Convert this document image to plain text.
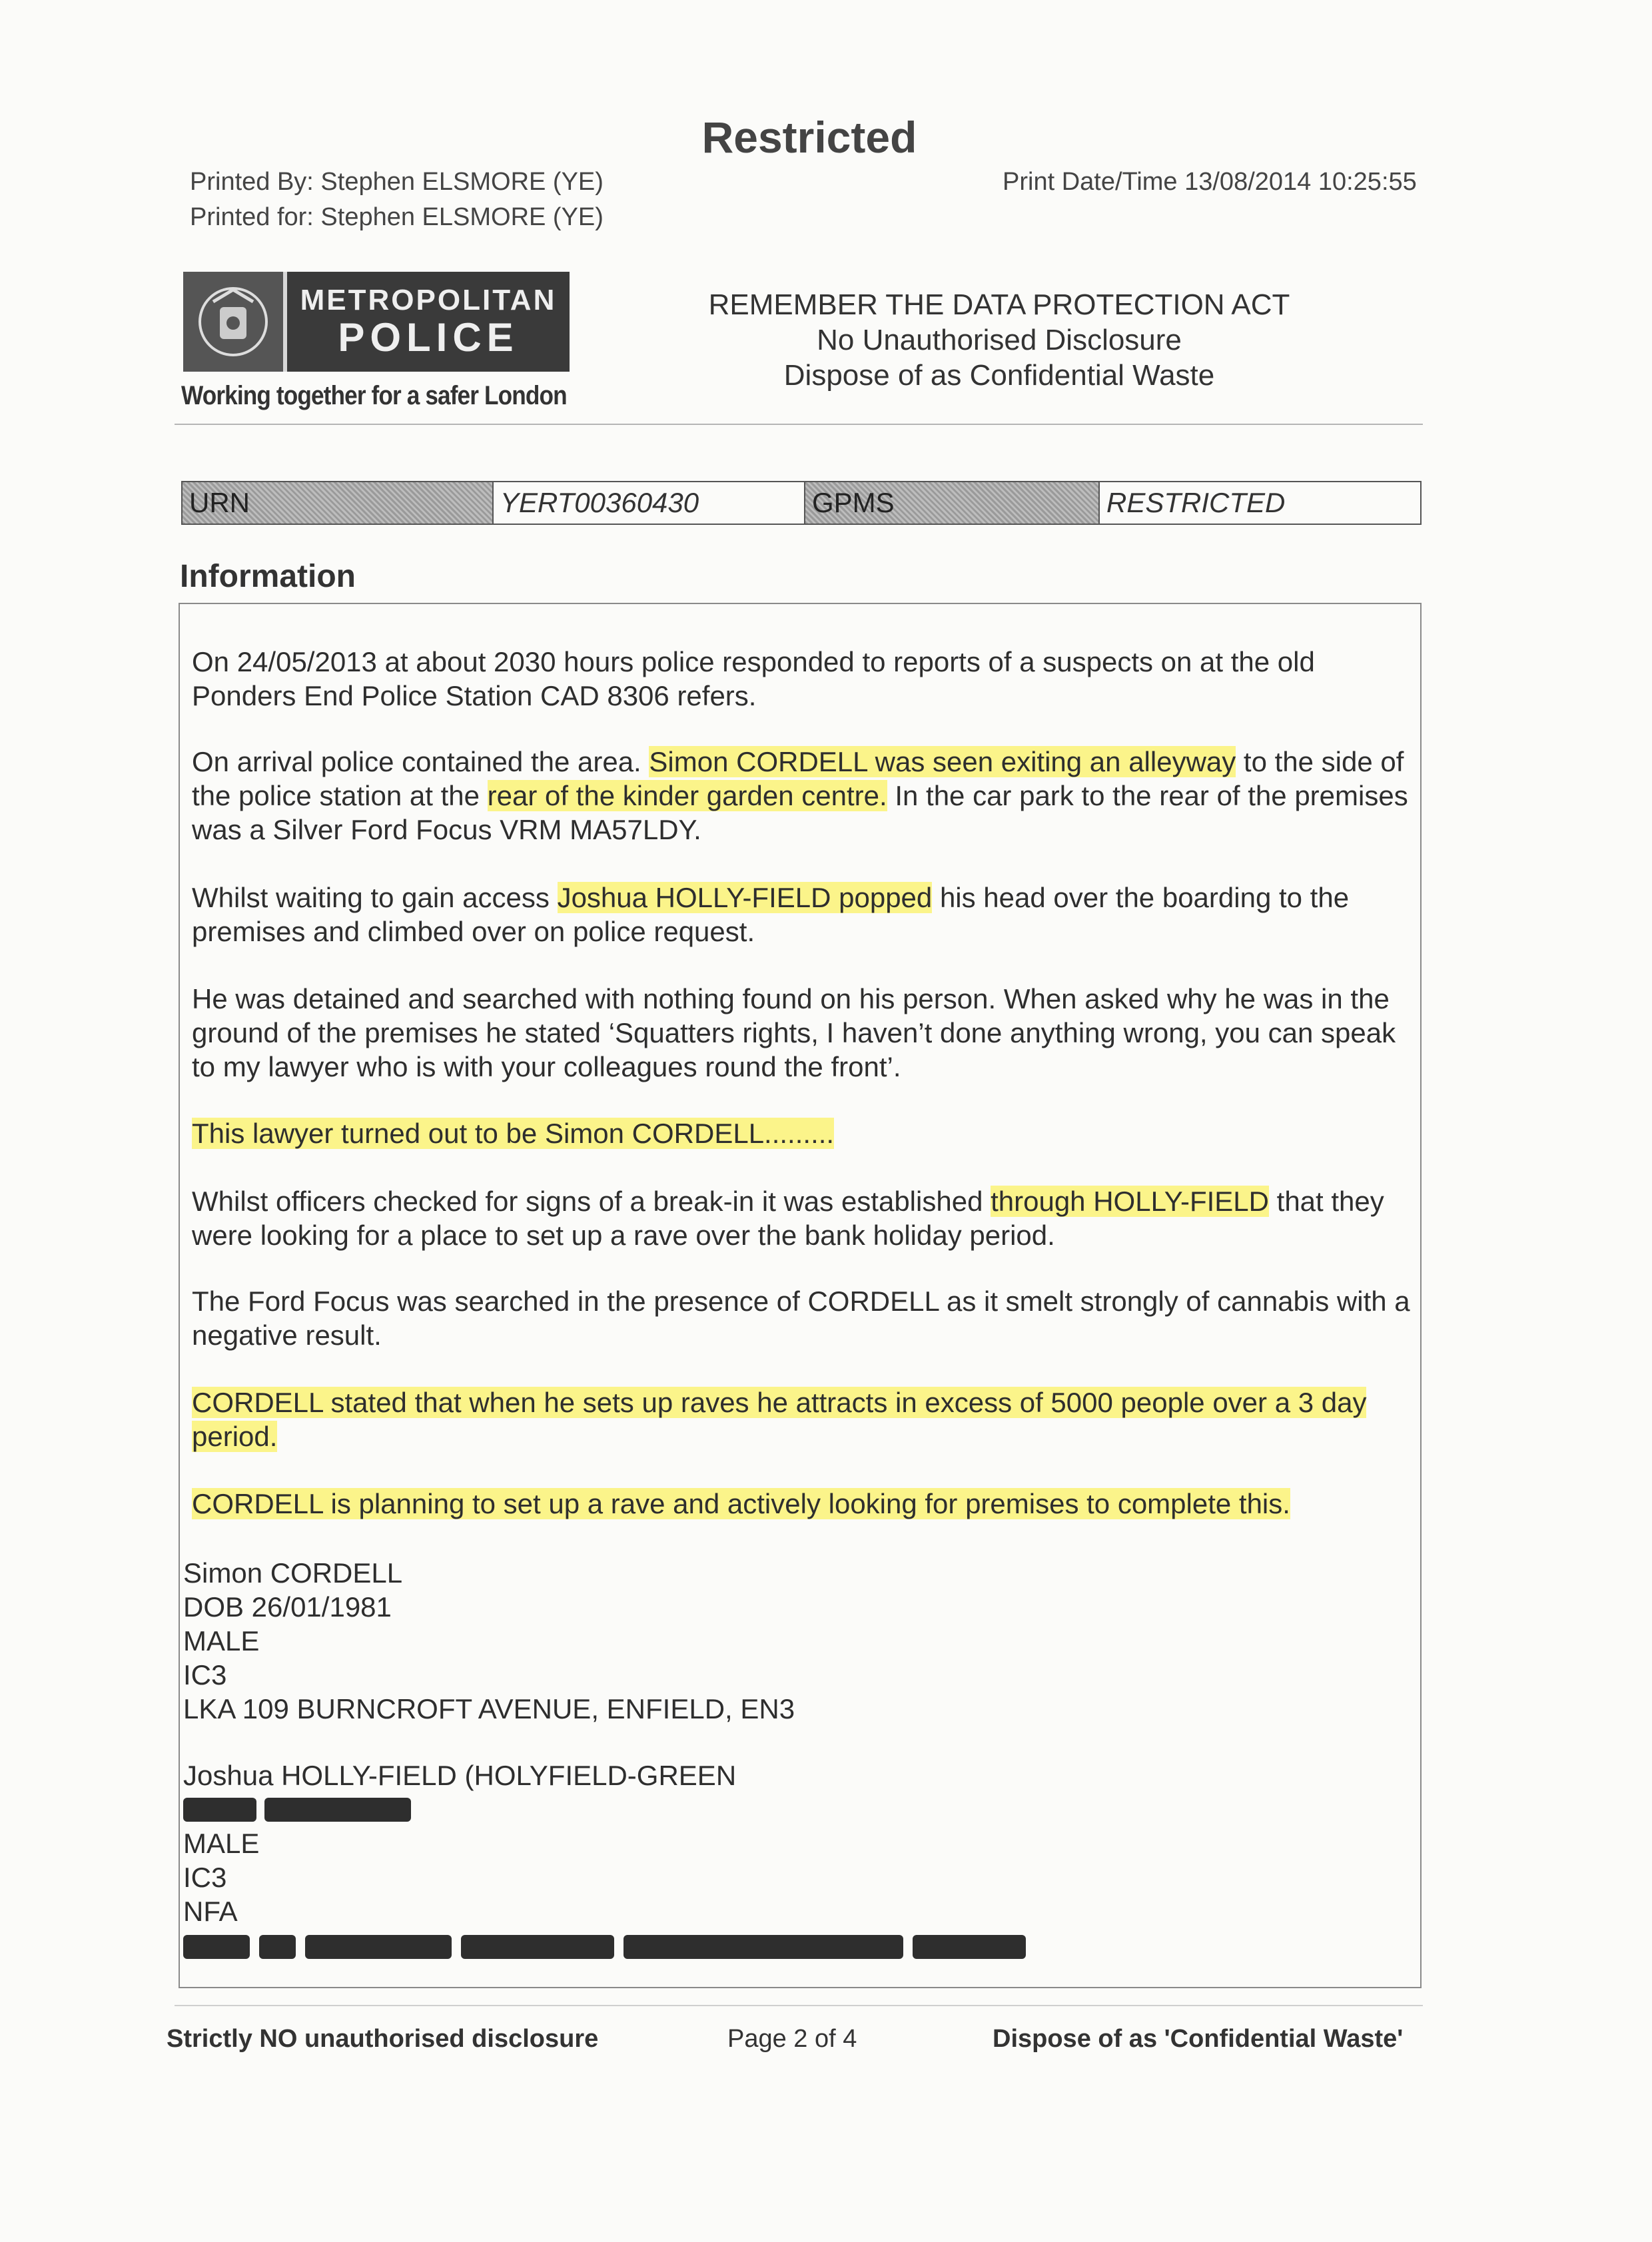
Restricted
Printed By: Stephen ELSMORE (YE)
Printed for: Stephen ELSMORE (YE)
Print Date/Time 13/08/2014 10:25:55
METROPOLITAN
POLICE
Working together for a safer London
REMEMBER THE DATA PROTECTION ACT
No Unauthorised Disclosure
Dispose of as Confidential Waste
URN	YERT00360430	GPMS	RESTRICTED
Information
On 24/05/2013 at about 2030 hours police responded to reports of a suspects on at the old Ponders End Police Station CAD 8306 refers.
On arrival police contained the area. Simon CORDELL was seen exiting an alleyway to the side of the police station at the rear of the kinder garden centre. In the car park to the rear of the premises was a Silver Ford Focus VRM MA57LDY.
Whilst waiting to gain access Joshua HOLLY-FIELD popped his head over the boarding to the premises and climbed over on police request.
He was detained and searched with nothing found on his person. When asked why he was in the ground of the premises he stated ‘Squatters rights, I haven’t done anything wrong, you can speak to my lawyer who is with your colleagues round the front’.
This lawyer turned out to be Simon CORDELL.........
Whilst officers checked for signs of a break-in it was established through HOLLY-FIELD that they were looking for a place to set up a rave over the bank holiday period.
The Ford Focus was searched in the presence of CORDELL as it smelt strongly of cannabis with a negative result.
CORDELL stated that when he sets up raves he attracts in excess of 5000 people over a 3 day period.
CORDELL is planning to set up a rave and actively looking for premises to complete this.
Simon CORDELL
DOB 26/01/1981
MALE
IC3
LKA 109 BURNCROFT AVENUE, ENFIELD, EN3
Joshua HOLLY-FIELD (HOLYFIELD-GREEN
MALE
IC3
NFA
Strictly NO unauthorised disclosure	Page 2 of 4	Dispose of as 'Confidential Waste'
